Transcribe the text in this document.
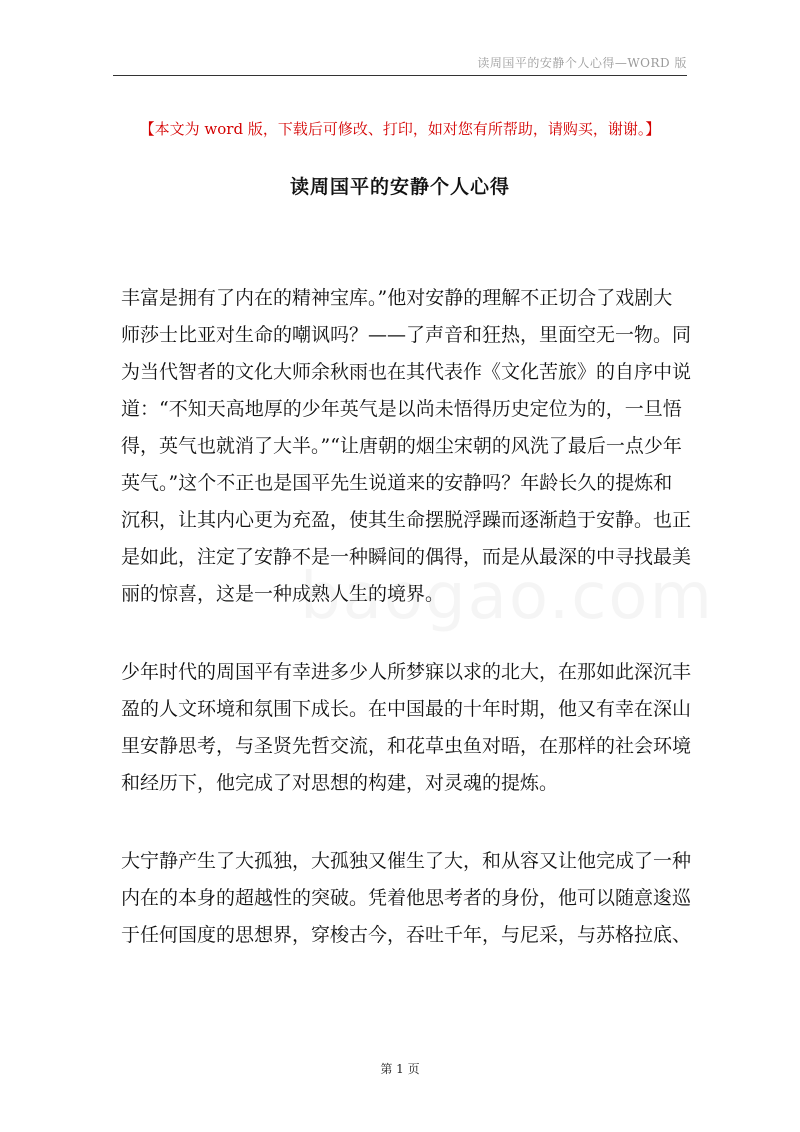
读周国平的安静个人心得—WORD 版
【本文为 word 版，下载后可修改、打印，如对您有所帮助，请购买，谢谢。】
读周国平的安静个人心得
丰富是拥有了内在的精神宝库。”他对安静的理解不正切合了戏剧大
师莎士比亚对生命的嘲讽吗？——了声音和狂热，里面空无一物。同
为当代智者的文化大师余秋雨也在其代表作《文化苦旅》的自序中说
道：“不知天高地厚的少年英气是以尚未悟得历史定位为的，一旦悟
得，英气也就消了大半。”“让唐朝的烟尘宋朝的风洗了最后一点少年
英气。”这个不正也是国平先生说道来的安静吗？年龄长久的提炼和
沉积，让其内心更为充盈，使其生命摆脱浮躁而逐渐趋于安静。也正
是如此，注定了安静不是一种瞬间的偶得，而是从最深的中寻找最美
丽的惊喜，这是一种成熟人生的境界。
少年时代的周国平有幸进多少人所梦寐以求的北大，在那如此深沉丰
盈的人文环境和氛围下成长。在中国最的十年时期，他又有幸在深山
里安静思考，与圣贤先哲交流，和花草虫鱼对晤，在那样的社会环境
和经历下，他完成了对思想的构建，对灵魂的提炼。
大宁静产生了大孤独，大孤独又催生了大，和从容又让他完成了一种
内在的本身的超越性的突破。凭着他思考者的身份，他可以随意逡巡
于任何国度的思想界，穿梭古今，吞吐千年，与尼采，与苏格拉底、
第 1 页
